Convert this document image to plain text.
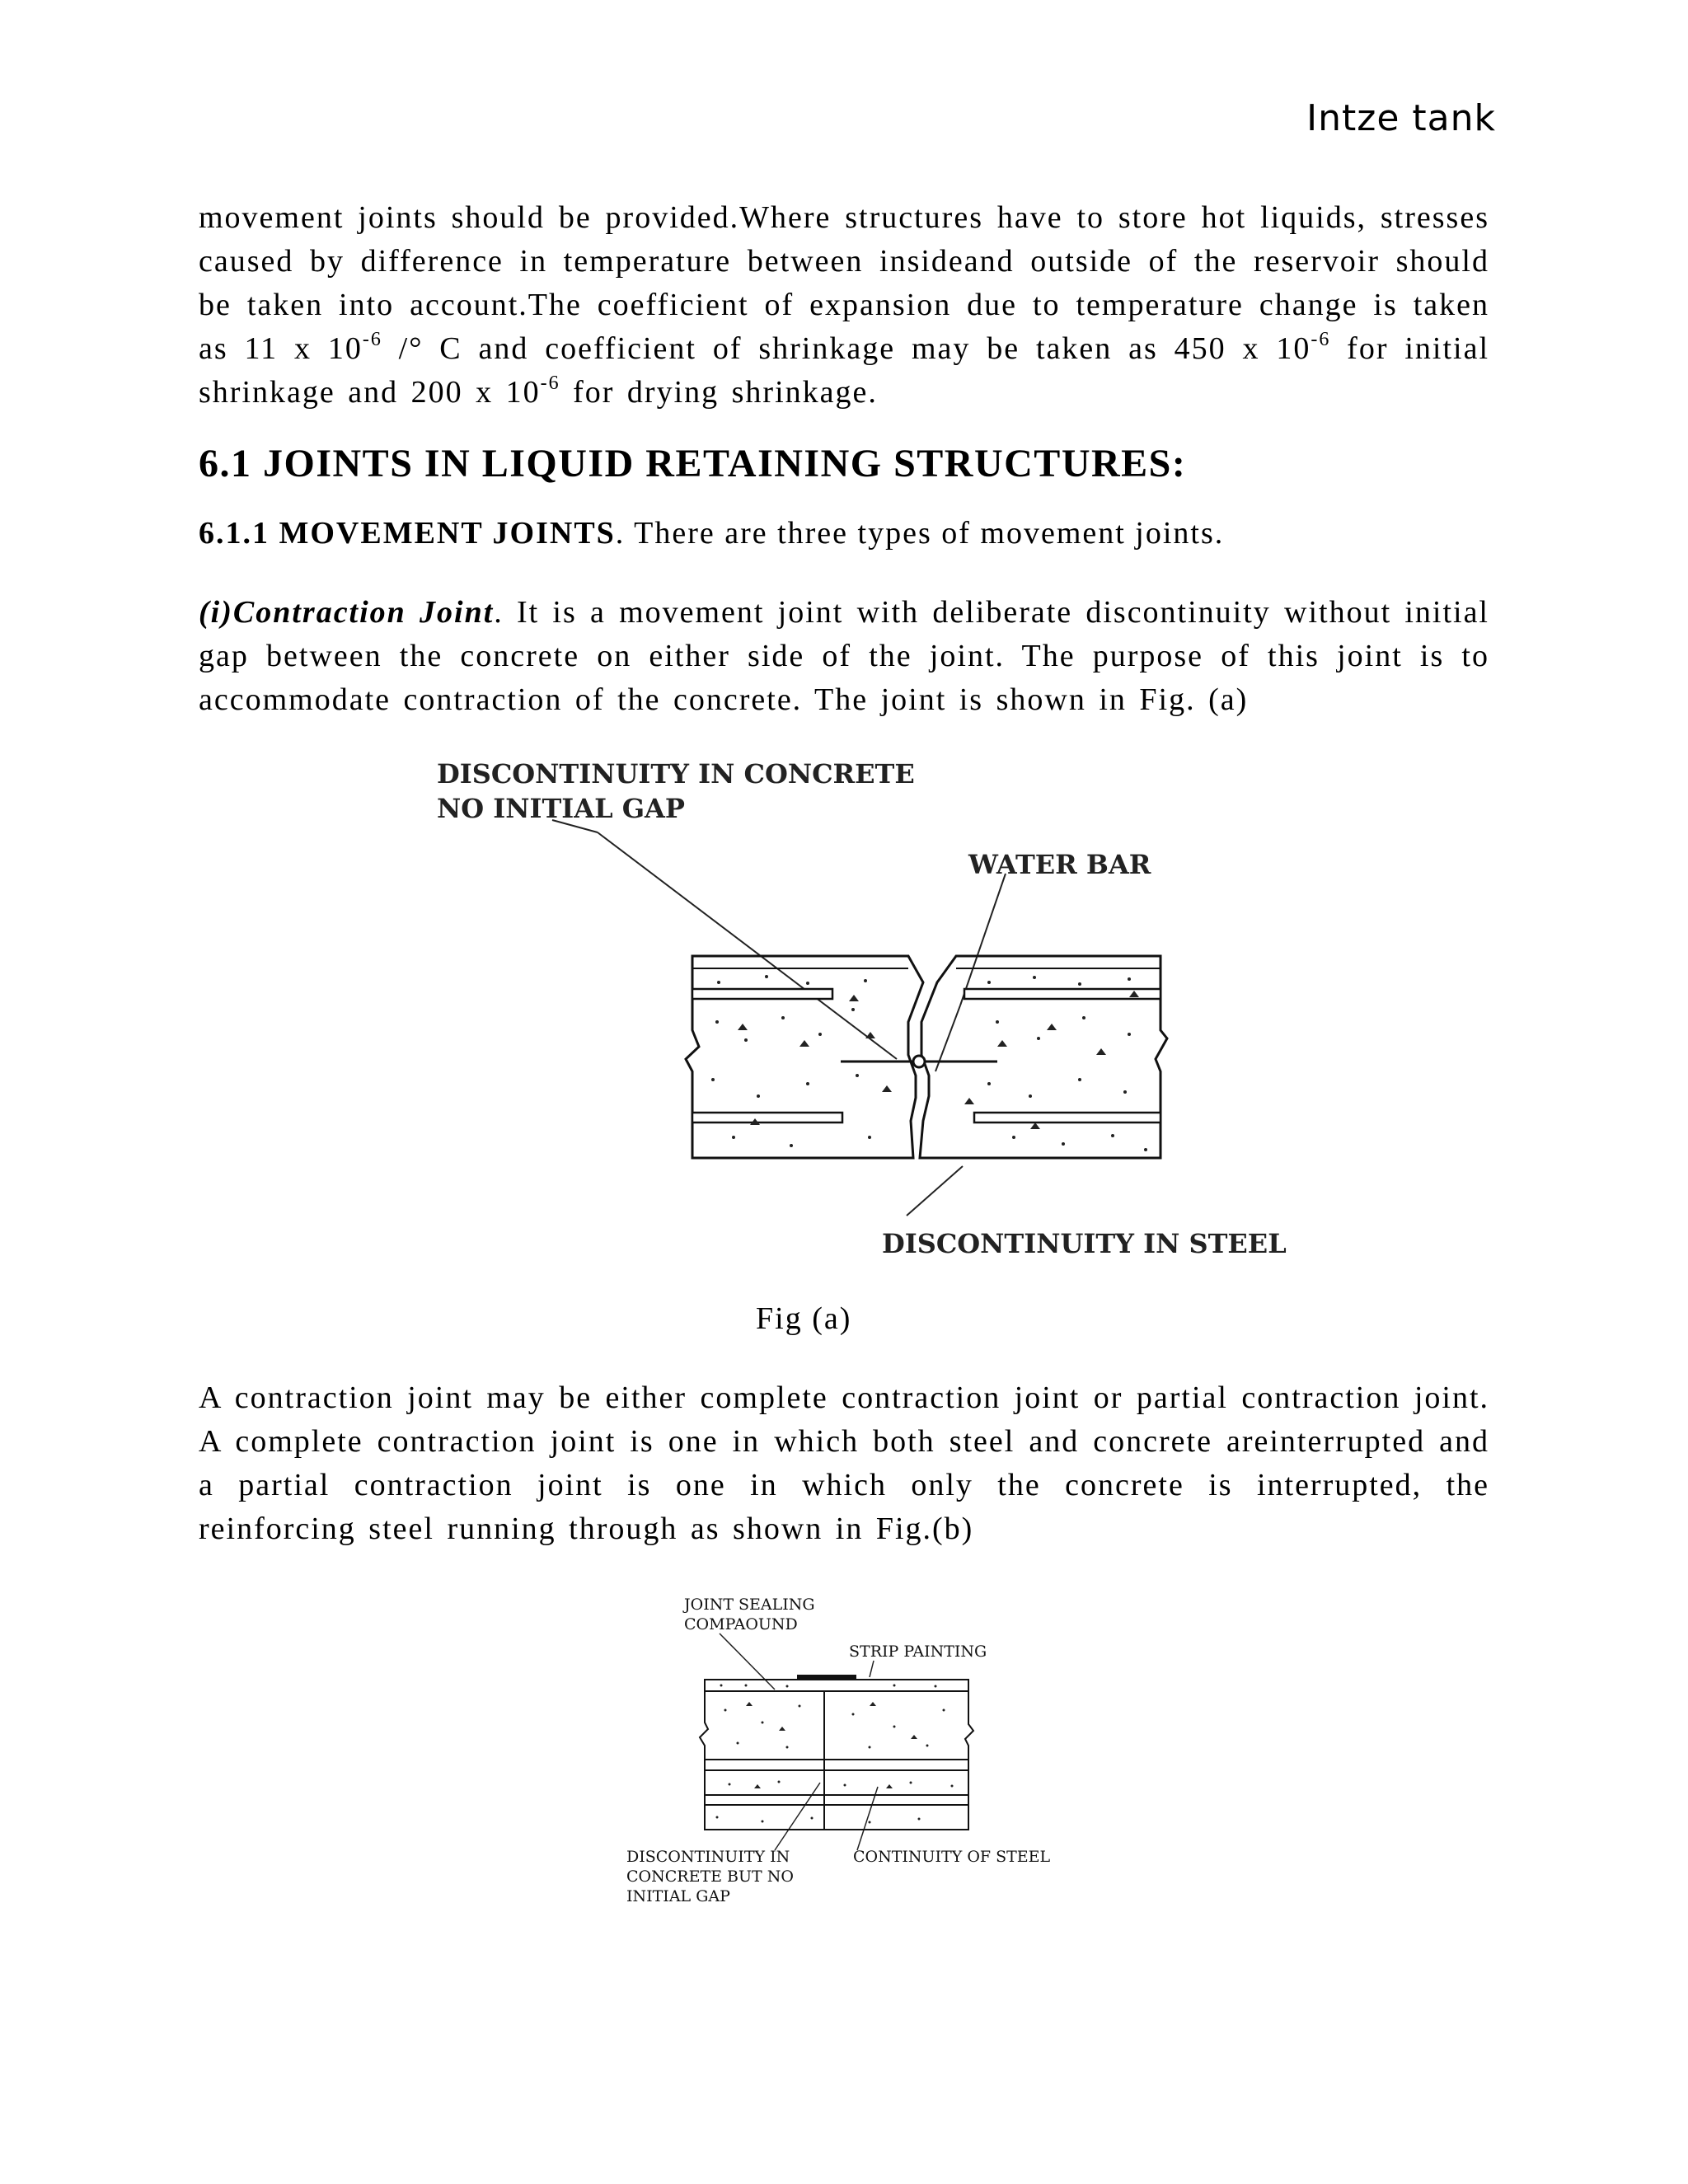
Intze tank
movement joints should be provided.Where structures have to store hot liquids, stresses caused by difference in temperature between insideand outside of the reservoir should be taken into account.The coefficient of expansion due to temperature change is taken as 11 x $10^{-6}$ /° C and coefficient of shrinkage may be taken as 450 x $10^{-6}$ for initial shrinkage and 200 x $10^{-6}$ for drying shrinkage.
6.1 JOINTS IN LIQUID RETAINING STRUCTURES:
6.1.1 MOVEMENT JOINTS. There are three types of movement joints.
(i)Contraction Joint. It is a movement joint with deliberate discontinuity without initial gap between the concrete on either side of the joint. The purpose of this joint is to accommodate contraction of the concrete. The joint is shown in Fig. (a)
DISCONTINUITY IN CONCRETE
NO INITIAL GAP
WATER BAR
DISCONTINUITY IN STEEL
Fig (a)
A contraction joint may be either complete contraction joint or partial contraction joint. A complete contraction joint is one in which both steel and concrete areinterrupted and a partial contraction joint is one in which only the concrete is interrupted, the reinforcing steel running through as shown in Fig.(b)
JOINT SEALING
COMPAOUND
STRIP PAINTING
DISCONTINUITY IN
CONCRETE BUT NO
INITIAL GAP
CONTINUITY OF STEEL
